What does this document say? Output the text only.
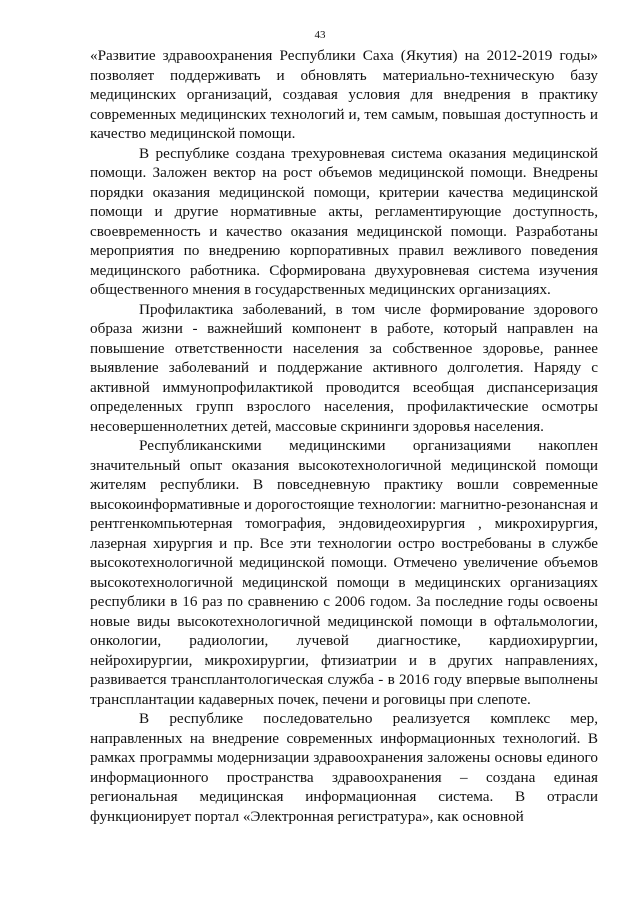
43

«Развитие здравоохранения Республики Саха (Якутия) на 2012-2019 годы» позволяет поддерживать и обновлять материально-техническую базу медицинских организаций, создавая условия для внедрения в практику современных медицинских технологий и, тем самым, повышая доступность и качество медицинской помощи.

В республике создана трехуровневая система оказания медицинской помощи. Заложен вектор на рост объемов медицинской помощи. Внедрены порядки оказания медицинской помощи, критерии качества медицинской помощи и другие нормативные акты, регламентирующие доступность, своевременность и качество оказания медицинской помощи. Разработаны мероприятия по внедрению корпоративных правил вежливого поведения медицинского работника. Сформирована двухуровневая система изучения общественного мнения в государственных медицинских организациях.

Профилактика заболеваний, в том числе формирование здорового образа жизни - важнейший компонент в работе, который направлен на повышение ответственности населения за собственное здоровье, раннее выявление заболеваний и поддержание активного долголетия. Наряду с активной иммунопрофилактикой проводится всеобщая диспансеризация определенных групп взрослого населения, профилактические осмотры несовершеннолетних детей, массовые скрининги здоровья населения.

Республиканскими медицинскими организациями накоплен значительный опыт оказания высокотехнологичной медицинской помощи жителям республики. В повседневную практику вошли современные высокоинформативные и дорогостоящие технологии: магнитно-резонансная и рентгенкомпьютерная томография, эндовидеохирургия , микрохирургия, лазерная хирургия и пр. Все эти технологии остро востребованы в службе высокотехнологичной медицинской помощи. Отмечено увеличение объемов высокотехнологичной медицинской помощи в медицинских организациях республики в 16 раз по сравнению с 2006 годом. За последние годы освоены новые виды высокотехнологичной медицинской помощи в офтальмологии, онкологии, радиологии, лучевой диагностике, кардиохирургии, нейрохирургии, микрохирургии, фтизиатрии и в других направлениях, развивается трансплантологическая служба - в 2016 году впервые выполнены трансплантации кадаверных почек, печени и роговицы при слепоте.

В республике последовательно реализуется комплекс мер, направленных на внедрение современных информационных технологий. В рамках программы модернизации здравоохранения заложены основы единого информационного пространства здравоохранения – создана единая региональная медицинская информационная система. В отрасли функционирует портал «Электронная регистратура», как основной
